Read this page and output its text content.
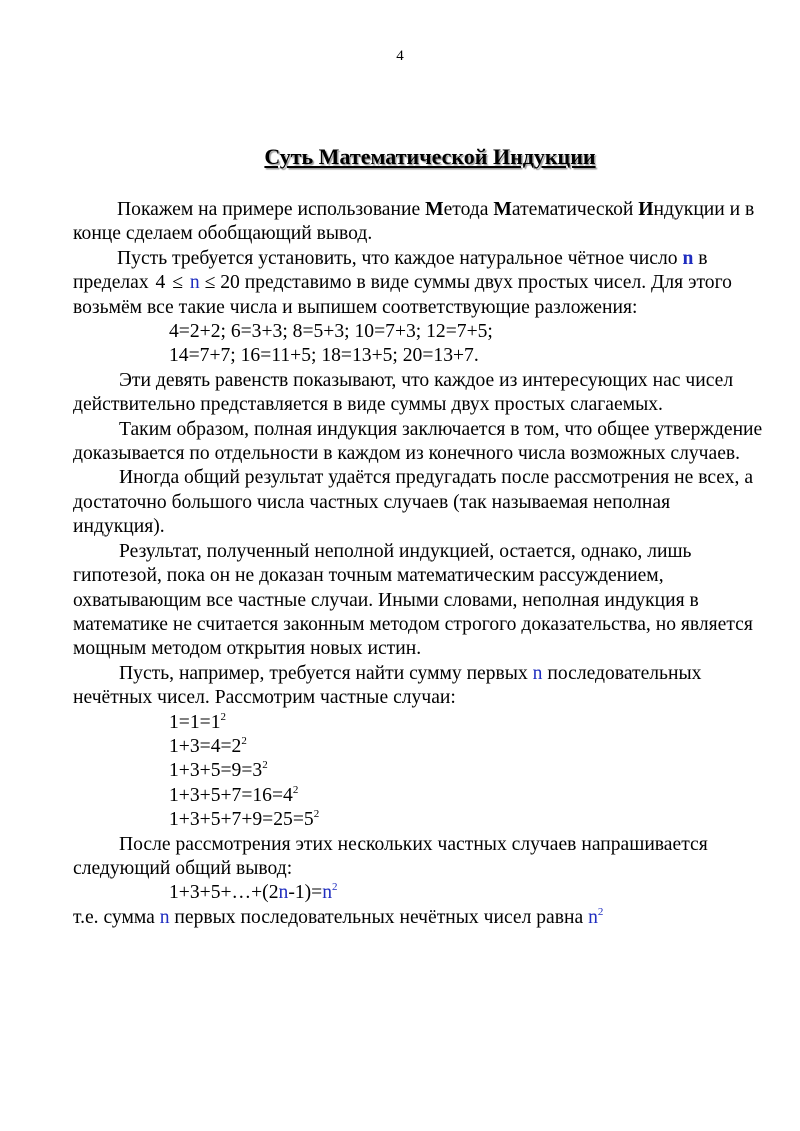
4
Суть Математической Индукции

Покажем на примере использование Метода Математической Индукции и в конце сделаем обобщающий вывод.

Пусть требуется установить, что каждое натуральное чётное число n в пределах 4 ≤ n ≤ 20 представимо в виде суммы двух простых чисел. Для этого возьмём все такие числа и выпишем соответствующие разложения:

4=2+2; 6=3+3; 8=5+3; 10=7+3; 12=7+5;

14=7+7; 16=11+5; 18=13+5; 20=13+7.

Эти девять равенств показывают, что каждое из интересующих нас чисел действительно представляется в виде суммы двух простых слагаемых.

Таким образом, полная индукция заключается в том, что общее утверждение доказывается по отдельности в каждом из конечного числа возможных случаев.

Иногда общий результат удаётся предугадать после рассмотрения не всех, а достаточно большого числа частных случаев (так называемая неполная индукция).

Результат, полученный неполной индукцией, остается, однако, лишь гипотезой, пока он не доказан точным математическим рассуждением, охватывающим все частные случаи. Иными словами, неполная индукция в математике не считается законным методом строгого доказательства, но является мощным методом открытия новых истин.

Пусть, например, требуется найти сумму первых n последовательных нечётных чисел. Рассмотрим частные случаи:

$1=1=1^2$

$1+3=4=2^2$

$1+3+5=9=3^2$

$1+3+5+7=16=4^2$

$1+3+5+7+9=25=5^2$

После рассмотрения этих нескольких частных случаев напрашивается следующий общий вывод:

$1+3+5+\dots+(2n-1)=n^2$

т.е. сумма n первых последовательных нечётных чисел равна $n^2$
